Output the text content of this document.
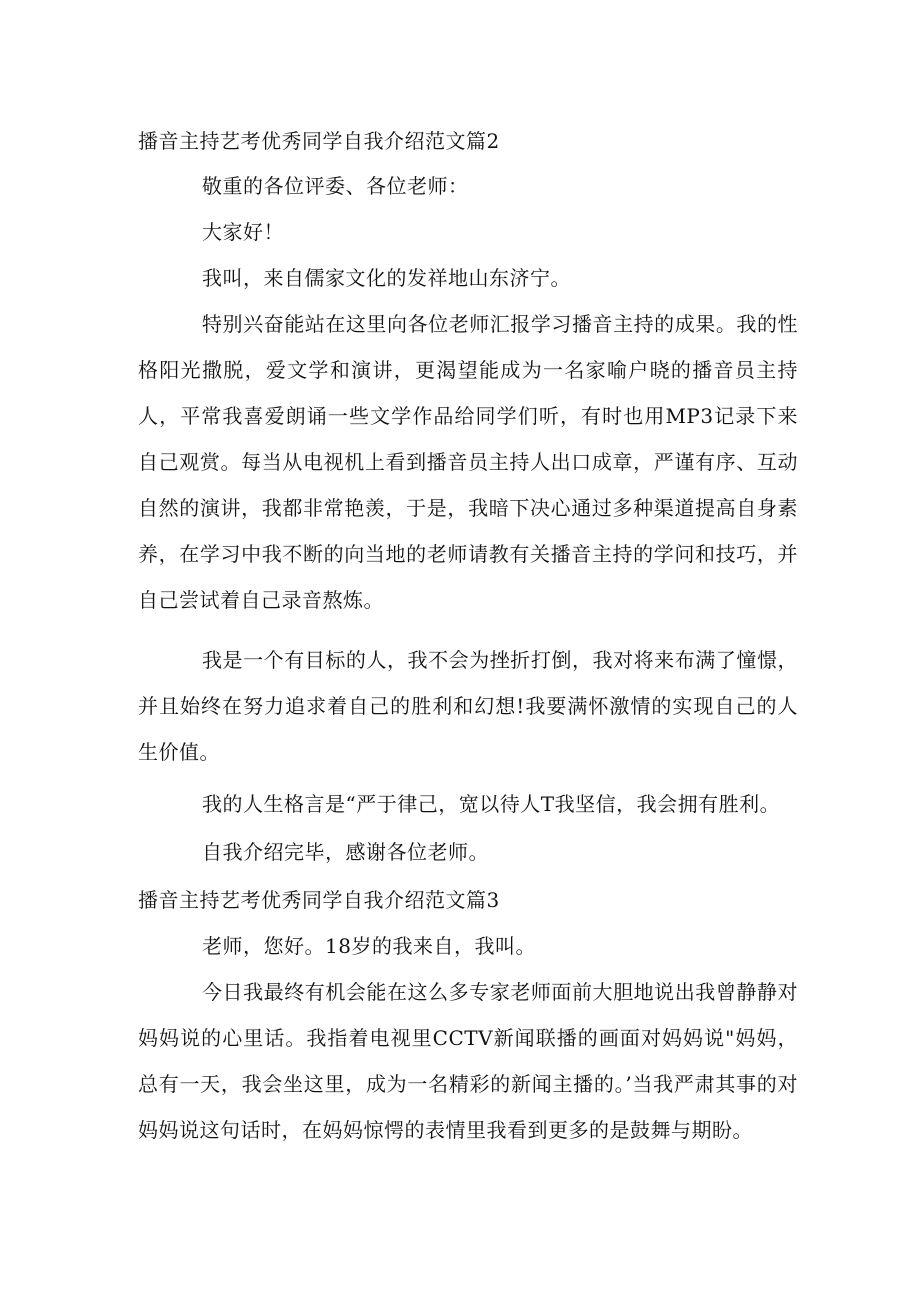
播音主持艺考优秀同学自我介绍范文篇2
敬重的各位评委、各位老师：
大家好！
我叫，来自儒家文化的发祥地山东济宁。
特别兴奋能站在这里向各位老师汇报学习播音主持的成果。我的性格阳光撒脱，爱文学和演讲，更渴望能成为一名家喻户晓的播音员主持人，平常我喜爱朗诵一些文学作品给同学们听，有时也用MP3记录下来自己观赏。每当从电视机上看到播音员主持人出口成章，严谨有序、互动自然的演讲，我都非常艳羡，于是，我暗下决心通过多种渠道提高自身素养，在学习中我不断的向当地的老师请教有关播音主持的学问和技巧，并自己尝试着自己录音熬炼。
我是一个有目标的人，我不会为挫折打倒，我对将来布满了憧憬，并且始终在努力追求着自己的胜利和幻想!我要满怀激情的实现自己的人生价值。
我的人生格言是“严于律己，宽以待人T我坚信，我会拥有胜利。
自我介绍完毕，感谢各位老师。
播音主持艺考优秀同学自我介绍范文篇3
老师，您好。18岁的我来自，我叫。
今日我最终有机会能在这么多专家老师面前大胆地说出我曾静静对妈妈说的心里话。我指着电视里CCTV新闻联播的画面对妈妈说"妈妈，总有一天，我会坐这里，成为一名精彩的新闻主播的。’当我严肃其事的对妈妈说这句话时，在妈妈惊愕的表情里我看到更多的是鼓舞与期盼。
